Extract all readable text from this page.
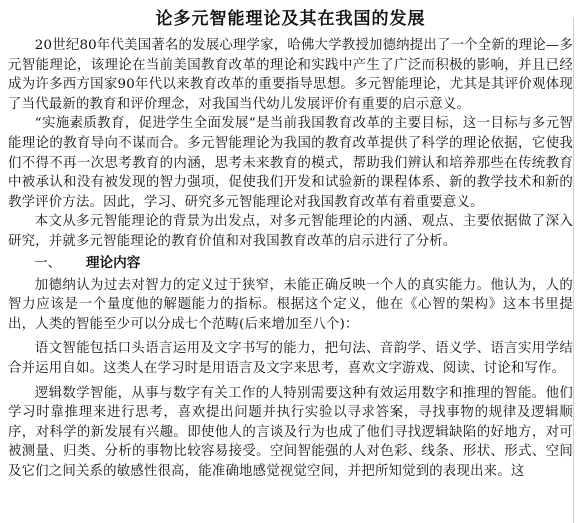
论多元智能理论及其在我国的发展

20世纪80年代美国著名的发展心理学家，哈佛大学教授加德纳提出了一个全新的理论—多元智能理论，该理论在当前美国教育改革的理论和实践中产生了广泛而积极的影响，并且已经成为许多西方国家90年代以来教育改革的重要指导思想。多元智能理论，尤其是其评价观体现了当代最新的教育和评价理念，对我国当代幼儿发展评价有重要的启示意义。

“实施素质教育，促进学生全面发展”是当前我国教育改革的主要目标，这一目标与多元智能理论的教育导向不谋而合。多元智能理论为我国的教育改革提供了科学的理论依据，它使我们不得不再一次思考教育的内涵，思考未来教育的模式，帮助我们辨认和培养那些在传统教育中被承认和没有被发现的智力强项，促使我们开发和试验新的课程体系、新的教学技术和新的教学评价方法。因此，学习、研究多元智能理论对我国教育改革有着重要意义。

本文从多元智能理论的背景为出发点，对多元智能理论的内涵、观点、主要依据做了深入研究，并就多元智能理论的教育价值和对我国教育改革的启示进行了分析。

一、 理论内容

加德纳认为过去对智力的定义过于狭窄，未能正确反映一个人的真实能力。他认为，人的智力应该是一个量度他的解题能力的指标。根据这个定义，他在《心智的架构》这本书里提出，人类的智能至少可以分成七个范畴(后来增加至八个)：

语文智能包括口头语言运用及文字书写的能力，把句法、音韵学、语义学、语言实用学结合并运用自如。这类人在学习时是用语言及文字来思考，喜欢文字游戏、阅读、讨论和写作。

逻辑数学智能，从事与数字有关工作的人特别需要这种有效运用数字和推理的智能。他们学习时靠推理来进行思考，喜欢提出问题并执行实验以寻求答案，寻找事物的规律及逻辑顺序，对科学的新发展有兴趣。即使他人的言谈及行为也成了他们寻找逻辑缺陷的好地方，对可被测量、归类、分析的事物比较容易接受。空间智能强的人对色彩、线条、形状、形式、空间及它们之间关系的敏感性很高，能准确地感觉视觉空间，并把所知觉到的表现出来。这
